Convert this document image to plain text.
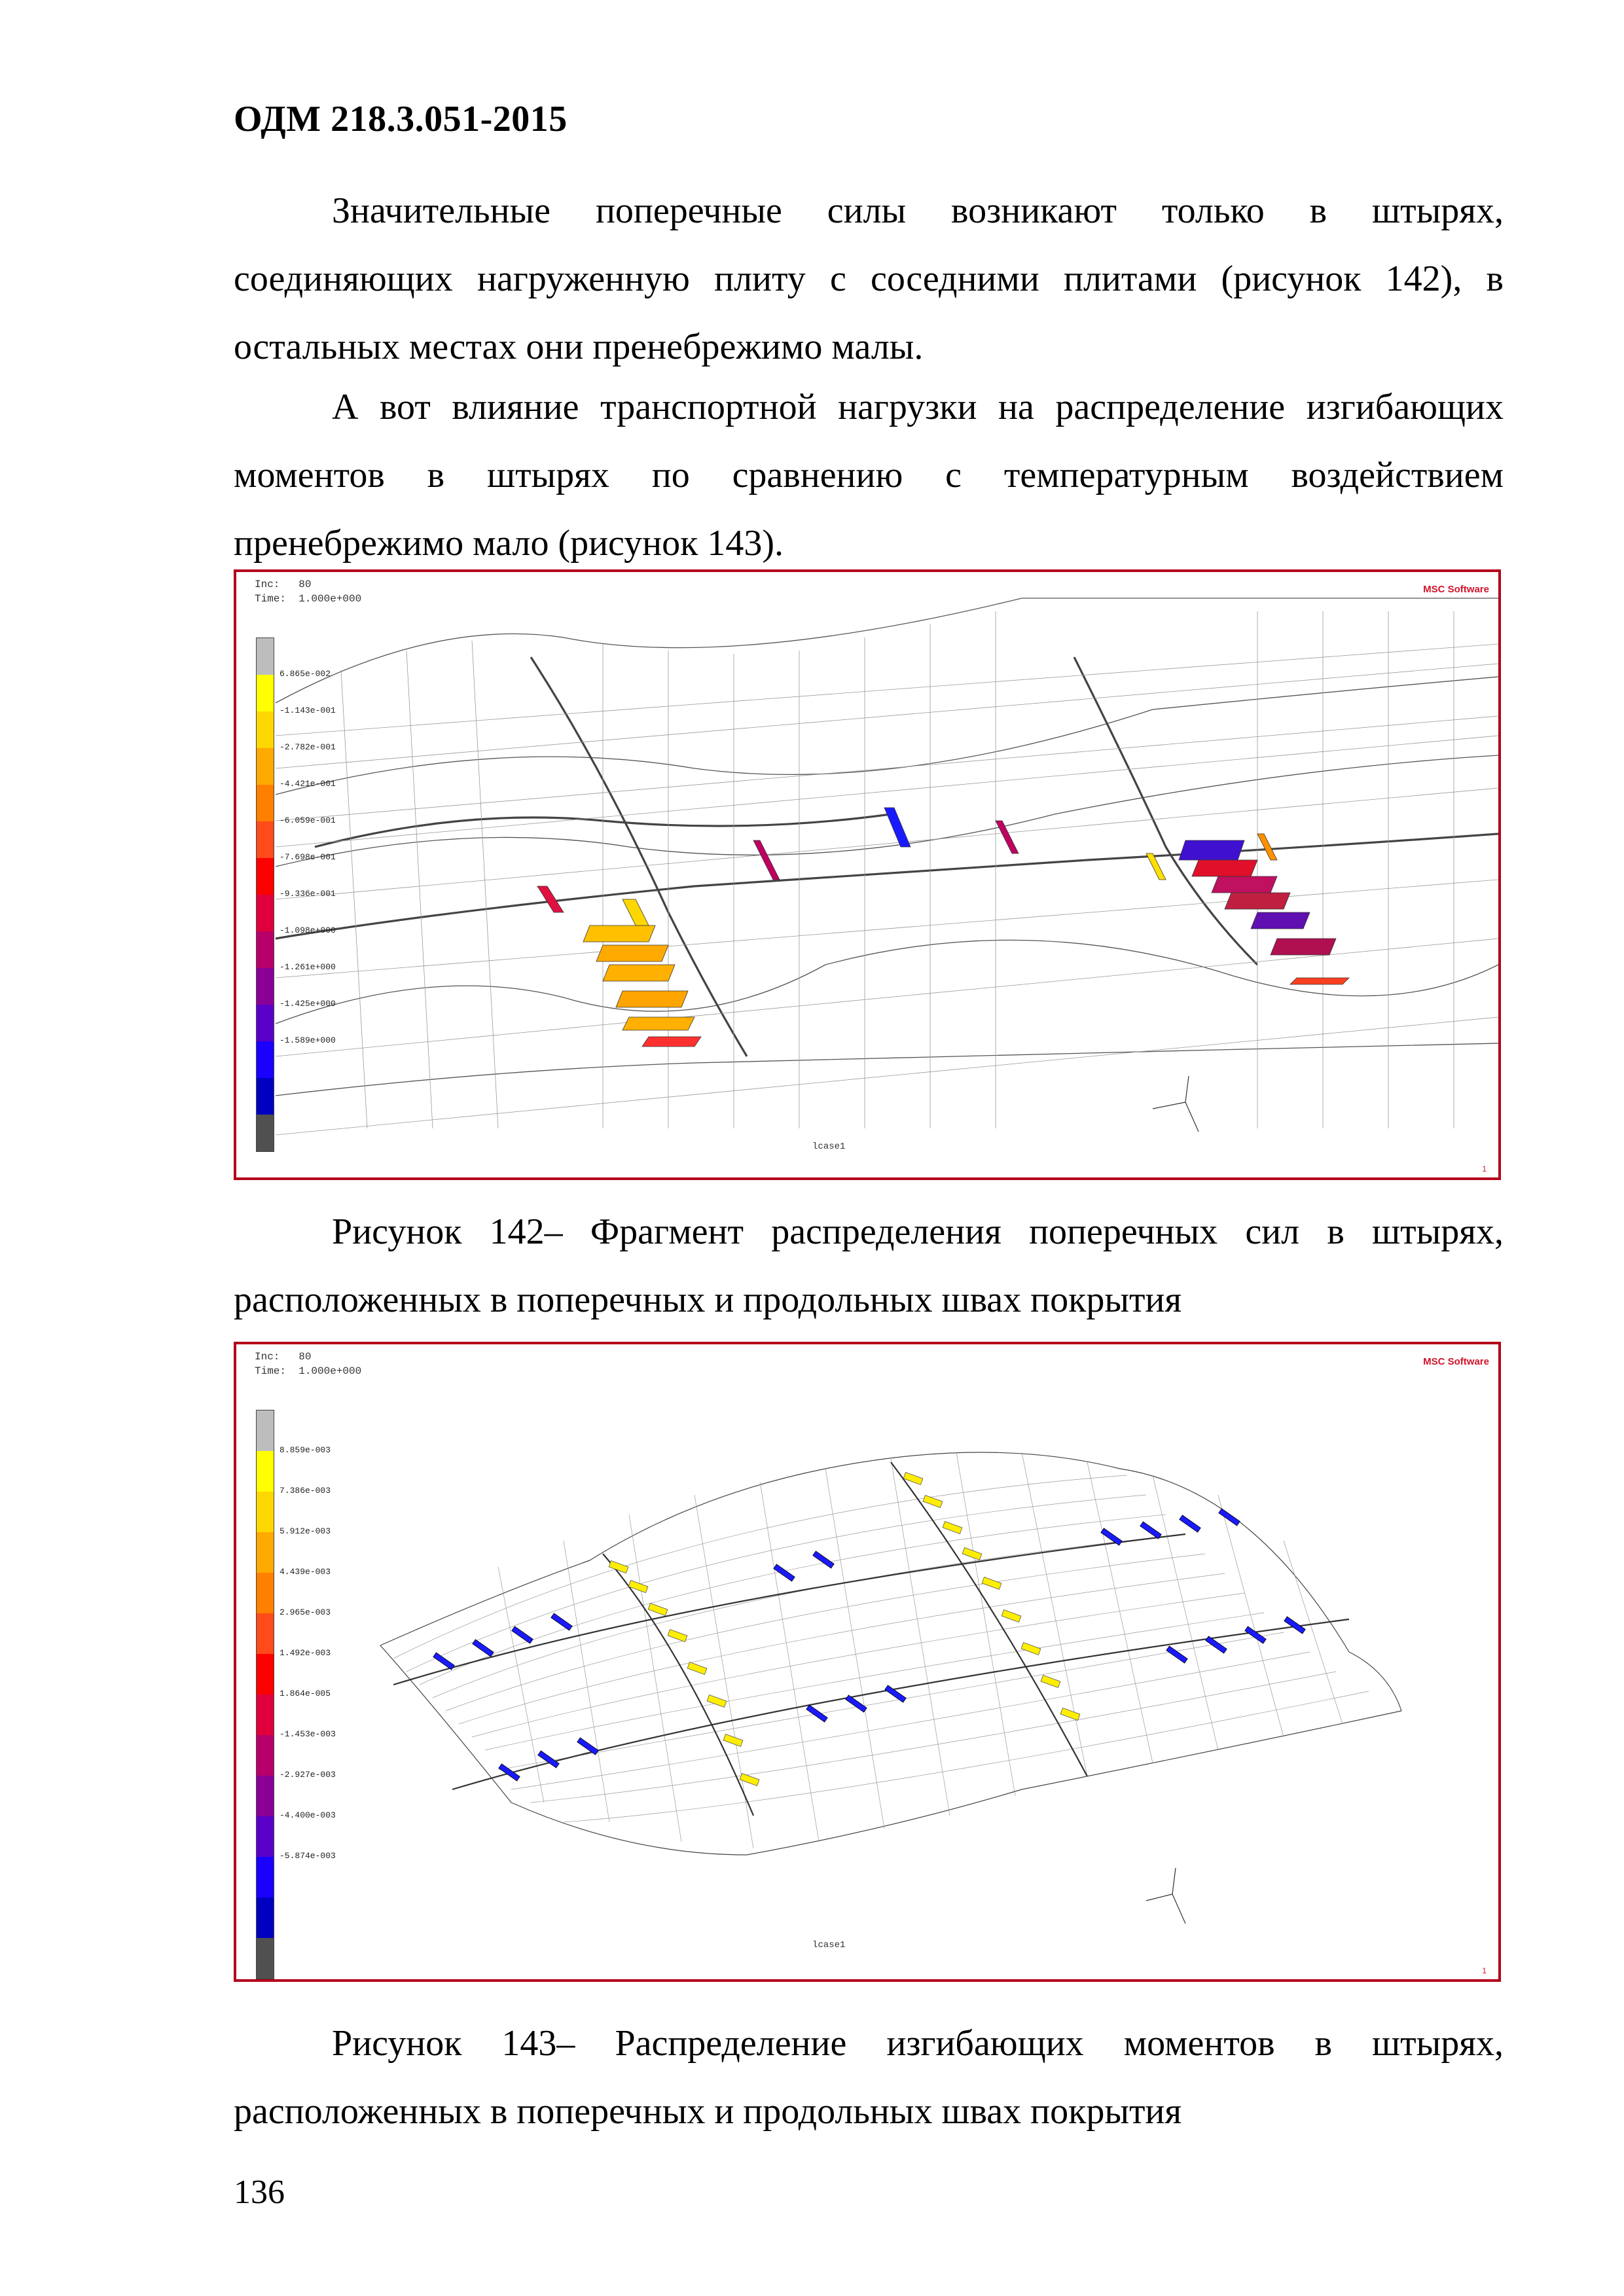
ОДМ 218.3.051-2015
Значительные поперечные силы возникают только в штырях, соединяющих нагруженную плиту с соседними плитами (рисунок 142), в остальных местах они пренебрежимо малы.
А вот влияние транспортной нагрузки на распределение изгибающих моментов в штырях по сравнению с температурным воздействием пренебрежимо мало (рисунок 143).
Inc:   80
Time:  1.000e+000
MSC Software
6.865e-002
-1.143e-001
-2.782e-001
-4.421e-001
-6.059e-001
-7.698e-001
-9.336e-001
-1.098e+000
-1.261e+000
-1.425e+000
-1.589e+000
lcase1
1
Рисунок 142– Фрагмент распределения поперечных сил в штырях, расположенных в поперечных и продольных швах покрытия
Inc:   80
Time:  1.000e+000
MSC Software
8.859e-003
7.386e-003
5.912e-003
4.439e-003
2.965e-003
1.492e-003
1.864e-005
-1.453e-003
-2.927e-003
-4.400e-003
-5.874e-003
lcase1
1
Рисунок 143– Распределение изгибающих моментов в штырях, расположенных в поперечных и продольных швах покрытия
136
